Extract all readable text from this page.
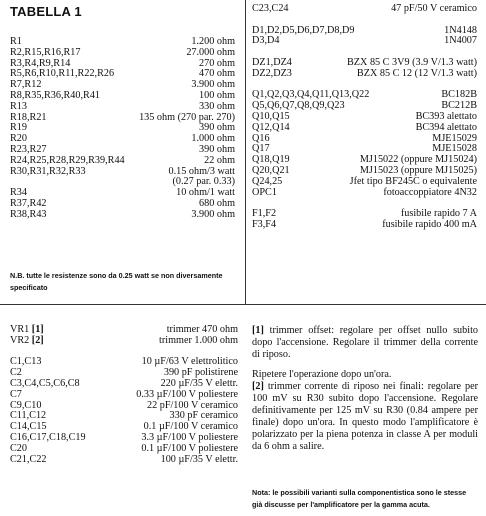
TABELLA 1
R1	1.200 ohm
R2,R15,R16,R17	27.000 ohm
R3,R4,R9,R14	270 ohm
R5,R6,R10,R11,R22,R26	470 ohm
R7,R12	3.900 ohm
R8,R35,R36,R40,R41	100 ohm
R13	330 ohm
R18,R21	135 ohm (270 par. 270)
R19	390 ohm
R20	1.000 ohm
R23,R27	390 ohm
R24,R25,R28,R29,R39,R44	22 ohm
R30,R31,R32,R33	0.15 ohm/3 watt
(0.27 par. 0.33)
R34	10 ohm/1 watt
R37,R42	680 ohm
R38,R43	3.900 ohm
N.B. tutte le resistenze sono da 0.25 watt se non diversamente specificato
C23,C24	47 pF/50 V ceramico
D1,D2,D5,D6,D7,D8,D9	1N4148
D3,D4	1N4007
DZ1,DZ4	BZX 85 C 3V9 (3.9 V/1.3 watt)
DZ2,DZ3	BZX 85 C 12 (12 V/1.3 watt)
Q1,Q2,Q3,Q4,Q11,Q13,Q22	BC182B
Q5,Q6,Q7,Q8,Q9,Q23	BC212B
Q10,Q15	BC393 alettato
Q12,Q14	BC394 alettato
Q16	MJE15029
Q17	MJE15028
Q18,Q19	MJ15022 (oppure MJ15024)
Q20,Q21	MJ15023 (oppure MJ15025)
Q24,25	Jfet tipo BF245C o equivalente
OPC1	fotoaccoppiatore 4N32
F1,F2	fusibile rapido 7 A
F3,F4	fusibile rapido 400 mA
VR1 [1]	trimmer 470 ohm
VR2 [2]	trimmer 1.000 ohm
C1,C13	10 µF/63 V elettrolitico
C2	390 pF polistirene
C3,C4,C5,C6,C8	220 µF/35 V elettr.
C7	0.33 µF/100 V poliestere
C9,C10	22 pF/100 V ceramico
C11,C12	330 pF ceramico
C14,C15	0.1 µF/100 V ceramico
C16,C17,C18,C19	3.3 µF/100 V poliestere
C20	0.1 µF/100 V poliestere
C21,C22	100 µF/35 V elettr.
[1] trimmer offset: regolare per offset nullo subito dopo l'accensione. Regolare il trimmer della corrente di riposo.
Ripetere l'operazione dopo un'ora.
[2] trimmer corrente di riposo nei finali: regolare per 100 mV su R30 subito dopo l'accensione. Regolare definitivamente per 125 mV su R30 (0.84 ampere per finale) dopo un'ora. In questo modo l'amplificatore è polarizzato per la piena potenza in classe A per moduli da 6 ohm a salire.
Nota: le possibili varianti sulla componentistica sono le stesse già discusse per l'amplificatore per la gamma acuta.
